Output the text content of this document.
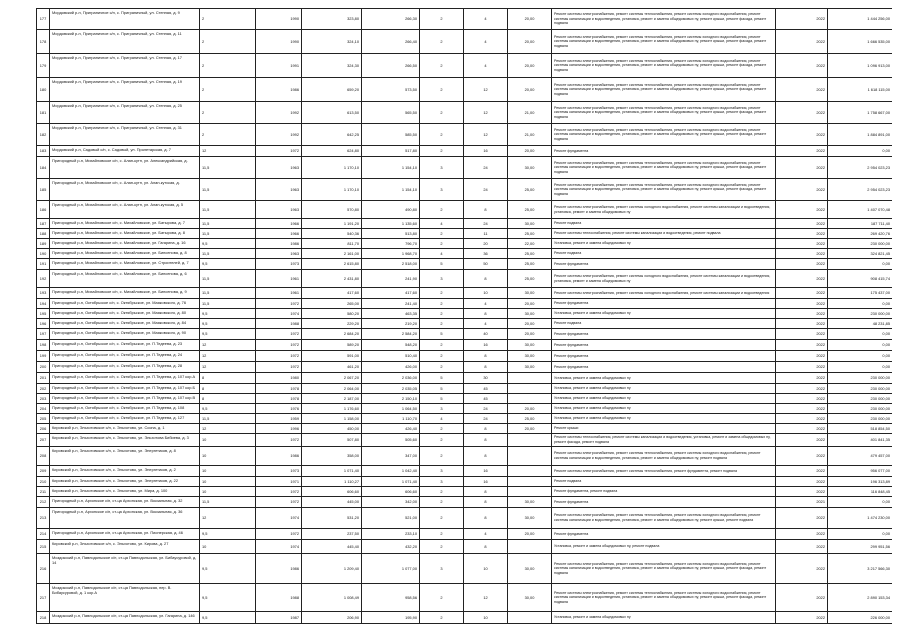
177	Мордовский р-н, Приграничное с/п, с. Приграничный, ул. Степная, д. 9	2	1990	323,80	266,30	2	4	20,00	Ремонт системы электроснабжения, ремонт системы теплоснабжения, ремонт системы холодного водоснабжения, ремонт системы канализации и водоотведения, установка, ремонт и замена общедомовых пу, ремонт крыши, ремонт фасада, ремонт подвала	2022	1 444 256,00
178	Мордовский р-н, Приграничное с/п, с. Приграничный, ул. Степная, д. 11	2	1990	324,10	266,40	2	4	20,00	Ремонт системы электроснабжения, ремонт системы теплоснабжения, ремонт системы холодного водоснабжения, ремонт системы канализации и водоотведения, установка, ремонт и замена общедомовых пу, ремонт крыши, ремонт фасада, ремонт подвала	2022	1 666 535,00
179	Мордовский р-н, Приграничное с/п, с. Приграничный, ул. Степная, д. 17	2	1991	324,30	266,50	2	4	20,00	Ремонт системы электроснабжения, ремонт системы теплоснабжения, ремонт системы холодного водоснабжения, ремонт системы канализации и водоотведения, установка, ремонт и замена общедомовых пу, ремонт крыши, ремонт фасада, ремонт подвала	2022	1 096 913,00
180	Мордовский р-н, Приграничное с/п, с. Приграничный, ул. Степная, д. 19	2	1986	659,20	573,50	2	12	20,00	Ремонт системы электроснабжения, ремонт системы теплоснабжения, ремонт системы холодного водоснабжения, ремонт системы канализации и водоотведения, установка, ремонт и замена общедомовых пу, ремонт крыши, ремонт фасада, ремонт подвала	2022	1 618 115,00
181	Мордовский р-н, Приграничное с/п, с. Приграничный, ул. Степная, д. 25	2	1992	613,50	565,50	2	12	21,00	Ремонт системы электроснабжения, ремонт системы теплоснабжения, ремонт системы холодного водоснабжения, ремонт системы канализации и водоотведения, установка, ремонт и замена общедомовых пу, ремонт крыши, ремонт фасада, ремонт подвала	2022	1 758 667,00
182	Мордовский р-н, Приграничное с/п, с. Приграничный, ул. Степная, д. 31	2	1992	642,25	585,50	2	12	21,00	Ремонт системы электроснабжения, ремонт системы теплоснабжения, ремонт системы холодного водоснабжения, ремонт системы канализации и водоотведения, установка, ремонт и замена общедомовых пу, ремонт крыши, ремонт фасада, ремонт подвала	2022	1 884 891,00
183	Мордовский р-н, Садовый с/п, с. Садовый, ул. Пролетарская, д. 7	12	1972	624,80	517,80	2	16	20,00	Ремонт фундамента	2022	0,00
184	Пригородный р-н, Михайловское с/п, с. Алан-кутн, ул. Александрийская, д.	11,5	1963	1 170,10	1 154,10	3	24	30,00	Ремонт системы электроснабжения, ремонт системы теплоснабжения, ремонт системы холодного водоснабжения, ремонт системы канализации и водоотведения, установка, ремонт и замена общедомовых пу, ремонт крыши, ремонт фасада, ремонт подвала	2022	2 954 023,23
185	Пригородный р-н, Михайловское с/п, с. Алан-кутн, ул. Алан-кутская, д.	11,5	1963	1 170,10	1 154,10	3	24	25,00	Ремонт системы электроснабжения, ремонт системы теплоснабжения, ремонт системы холодного водоснабжения, ремонт системы канализации и водоотведения, установка, ремонт и замена общедомовых пу, ремонт крыши, ремонт фасада, ремонт подвала	2022	2 954 023,23
186	Пригородный р-н, Михайловское с/п, с. Алан-кутн, ул. Алан-кутская, д. 5	11,5	1963	570,80	490,80	2	8	25,00	Ремонт системы электроснабжения, ремонт системы холодного водоснабжения, ремонт системы канализации и водоотведения, установка, ремонт и замена общедомовых пу	2022	1 407 070,48
187	Пригородный р-н, Михайловское с/п, с. Михайловское, ул. Батырова, д. 7	11,5	1966	1 191,20	1 135,60	4	24	30,00	Ремонт подвала	2022	187 711,40
188	Пригородный р-н, Михайловское с/п, с. Михайловское, ул. Батырова, д. 8	11,5	1966	540,36	513,80	2	11	25,00	Ремонт системы теплоснабжения, ремонт системы канализации и водоотведения, ремонт подвала	2022	269 420,76
189	Пригородный р-н, Михайловское с/п, с. Михайловское, ул. Гагарина, д. 16	9,5	1986	811,70	796,70	2	20	22,00	Установка, ремонт и замена общедомовых пу	2022	230 000,00
190	Пригородный р-н, Михайловское с/п, с. Михайловское, ул. Бинсенова, д. 8	11,5	1963	2 161,00	1 968,70	4	36	25,00	Ремонт подвала	2022	324 821,45
191	Пригородный р-н, Михайловское с/п, с. Михайловское, ул. Строителей, д. 7	9,5	1973	2 615,80	2 518,00	5	50	25,00	Ремонт фундамента	2022	0,00
192	Пригородный р-н, Михайловское с/п, с. Михайловское, ул. Бинсенова, д. 6	11,5	1961	2 431,80	241,90	3	8	25,00	Ремонт системы электроснабжения, ремонт системы холодного водоснабжения, ремонт системы канализации и водоотведения, установка, ремонт и замена общедомовых пу	2022	908 415,74
193	Пригородный р-н, Михайловское с/п, с. Михайловское, ул. Бинсенова, д. 9	11,5	1961	417,60	417,60	2	10	30,00	Ремонт системы электроснабжения, ремонт системы холодного водоснабжения, ремонт системы канализации и водоотведения	2022	175 437,00
194	Пригородный р-н, Октябрьское с/п, с. Октябрьское, ул. Маяковского, д. 76	11,5	1972	265,00	241,40	2	4	20,00	Ремонт фундамента	2022	0,00
195	Пригородный р-н, Октябрьское с/п, с. Октябрьское, ул. Маяковского, д. 80	9,5	1974	580,20	463,35	2	8	30,00	Установка, ремонт и замена общедомовых пу	2022	230 000,00
196	Пригородный р-н, Октябрьское с/п, с. Октябрьское, ул. Маяковского, д. 84	9,5	1988	229,20	219,20	2	4	20,00	Ремонт подвала	2022	48 231,85
197	Пригородный р-н, Октябрьское с/п, с. Октябрьское, ул. Маяковского, д. 90	9,5	1972	2 684,20	2 584,20	5	40	20,00	Ремонт фундамента	2022	0,00
198	Пригородный р-н, Октябрьское с/п, с. Октябрьское, ул. П.Тедеева, д. 23	12	1972	589,20	548,20	2	16	30,00	Ремонт фундамента	2022	0,00
199	Пригородный р-н, Октябрьское с/п, с. Октябрьское, ул. П.Тедеева, д. 24	12	1972	591,00	510,40	2	8	30,00	Ремонт фундамента	2022	0,00
200	Пригородный р-н, Октябрьское с/п, с. Октябрьское, ул. П.Тедеева, д. 28	12	1972	461,20	426,00	2	8	30,00	Ремонт фундамента	2022	0,00
201	Пригородный р-н, Октябрьское с/п, с. Октябрьское, ул. П.Тедеева, д. 107 кор.А	8	1980	2 067,20	2 036,00	5	30		Установка, ремонт и замена общедомовых пу	2022	230 000,00
202	Пригородный р-н, Октябрьское с/п, с. Октябрьское, ул. П.Тедеева, д. 107 кор.Б	8	1978	2 064,00	2 035,05	5	45		Установка, ремонт и замена общедомовых пу	2022	230 000,00
203	Пригородный р-н, Октябрьское с/п, с. Октябрьское, ул. П.Тедеева, д. 107 кор.В	8	1978	2 187,00	2 150,10	5	45		Установка, ремонт и замена общедомовых пу	2022	230 000,00
204	Пригородный р-н, Октябрьское с/п, с. Октябрьское, ул. П.Тедеева, д. 108	9,5	1976	1 176,60	1 064,50	3	24	20,00	Установка, ремонт и замена общедомовых пу	2022	230 000,00
205	Пригородный р-н, Октябрьское с/п, с. Октябрьское, ул. П.Тедеева, д. 127	11,5	1959	1 158,00	1 110,70	4	24	25,00	Установка, ремонт и замена общедомовых пу	2022	230 000,00
206	Кировский р-н, Эльхотовское с/п, с. Эльхотово, ул. Сосна, д. 1	12	1996	450,00	426,40	2	8	20,00	Ремонт крыши	2022	518 854,50
207	Кировский р-н, Эльхотовское с/п, с. Эльхотово, ул. Эльхотова Бибиева, д. 3	10	1972	507,80	505,60	2	8		Ремонт системы теплоснабжения, ремонт системы канализации и водоотведения, установка, ремонт и замена общедомовых пу, ремонт фасада, ремонт подвала	2022	401 841,35
208	Кировский р-н, Эльхотовское с/п, с. Эльхотово, ул. Энергетиков, д. 8	10	1986	358,00	347,00	2	8		Ремонт системы электроснабжения, ремонт системы теплоснабжения, ремонт системы холодного водоснабжения, ремонт системы канализации и водоотведения, установка, ремонт и замена общедомовых пу, ремонт подвала	2022	479 457,00
209	Кировский р-н, Эльхотовское с/п, с. Эльхотово, ул. Энергетиков, д. 2	10	1973	1 071,40	1 042,40	3	16		Ремонт системы электроснабжения, ремонт системы теплоснабжения, ремонт фундамента, ремонт подвала	2022	956 077,00
210	Кировский р-н, Эльхотовское с/п, с. Эльхотово, ул. Энергетиков, д. 22	10	1971	1 110,27	1 071,40	3	16		Ремонт подвала	2022	196 313,89
211	Кировский р-н, Эльхотовское с/п, с. Эльхотово, ул. Мира, д. 100	10	1972	606,60	606,60	2	8		Ремонт фундамента, ремонт подвала	2022	116 848,45
212	Пригородный р-н, Архонское с/п, ст-ца Архонская, ул. Вокзальная, д. 32	11,5	1972	445,00	342,00	2	8	30,00	Ремонт фундамента	2021	0,00
213	Пригородный р-н, Архонское с/п, ст-ца Архонская, ул. Вокзальная, д. 36	12	1974	531,20	521,00	2	8	30,00	Ремонт системы электроснабжения, ремонт системы теплоснабжения, ремонт системы холодного водоснабжения, ремонт системы канализации и водоотведения, установка, ремонт и замена общедомовых пу, ремонт крыши, ремонт подвала	2022	1 474 230,00
214	Пригородный р-н, Архонское с/п, ст-ца Архонская, ул. Пионерская, д. 46	9,5	1972	237,50	233,10	2	4	20,00	Ремонт фундамента	2022	0,00
215	Кировский р-н, Эльхотовское с/п, с. Эльхотово, ул. Кирова, д. 27	10	1974	445,40	432,20	2	8		Установка, ремонт и замена общедомовых пу, ремонт подвала	2022	299 951,56
216	Моздокский р-н, Павлодольское с/п, ст-ца Павлодольская, ул. Бибаусуровой, д. 14	9,5	1986	1 209,40	1 077,00	3	10	30,00	Ремонт системы электроснабжения, ремонт системы теплоснабжения, ремонт системы холодного водоснабжения, ремонт системы канализации и водоотведения, установка, ремонт и замена общедомовых пу, ремонт крыши, ремонт фасада, ремонт подвала	2022	3 217 566,30
217	Моздокский р-н, Павлодольское с/п, ст-ца Павлодольская, пер. В. Бибаусуровой, д. 1 кор.А	9,5	1988	1 008,49	958,56	2	12	30,00	Ремонт системы электроснабжения, ремонт системы теплоснабжения, ремонт системы холодного водоснабжения, ремонт системы канализации и водоотведения, установка, ремонт и замена общедомовых пу, ремонт крыши, ремонт фасада, ремонт подвала	2022	2 890 153,34
218	Моздокский р-н, Павлодольское с/п, ст-ца Павлодольская, ул. Гагарина, д. 146	9,5	1987	206,90	195,90	2	10		Установка, ремонт и замена общедомовых пу	2022	226 000,00
